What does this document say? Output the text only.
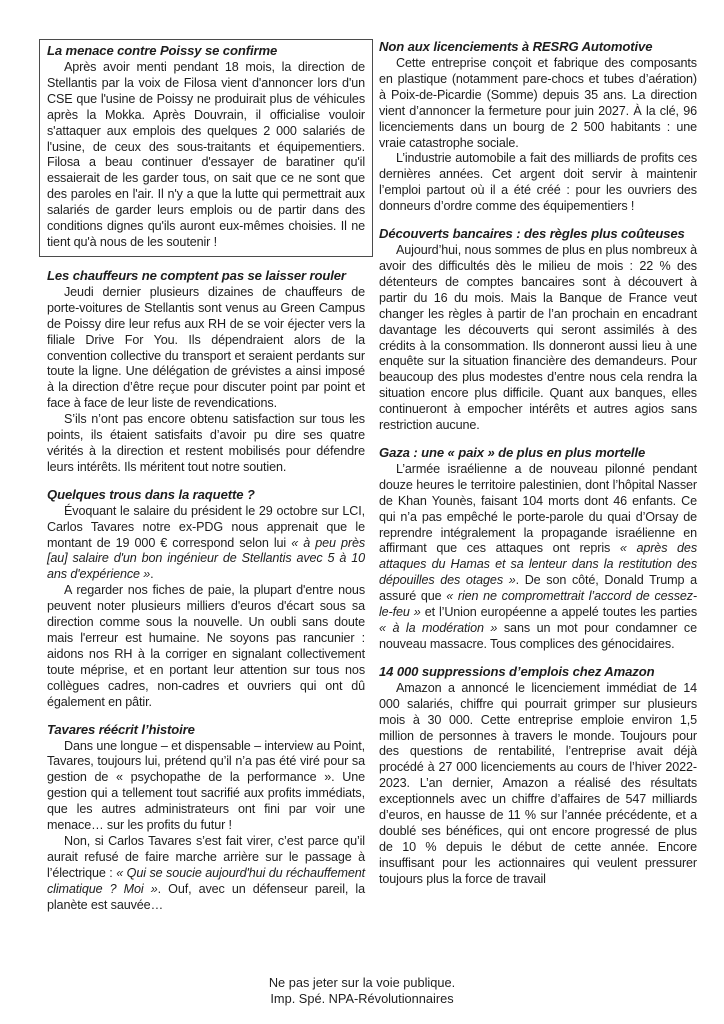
La menace contre Poissy se confirme

Après avoir menti pendant 18 mois, la direction de Stellantis par la voix de Filosa vient d'annoncer lors d'un CSE que l'usine de Poissy ne produirait plus de véhicules après la Mokka. Après Douvrain, il officialise vouloir s'attaquer aux emplois des quelques 2 000 salariés de l'usine, de ceux des sous-traitants et équipementiers. Filosa a beau continuer d'essayer de baratiner qu'il essaierait de les garder tous, on sait que ce ne sont que des paroles en l'air. Il n'y a que la lutte qui permettrait aux salariés de garder leurs emplois ou de partir dans des conditions dignes qu'ils auront eux-mêmes choisies. Il ne tient qu'à nous de les soutenir !

Les chauffeurs ne comptent pas se laisser rouler

Jeudi dernier plusieurs dizaines de chauffeurs de porte-voitures de Stellantis sont venus au Green Campus de Poissy dire leur refus aux RH de se voir éjecter vers la filiale Drive For You. Ils dépendraient alors de la convention collective du transport et seraient perdants sur toute la ligne. Une délégation de grévistes a ainsi imposé à la direction d’être reçue pour discuter point par point et face à face de leur liste de revendications.

S’ils n’ont pas encore obtenu satisfaction sur tous les points, ils étaient satisfaits d’avoir pu dire ses quatre vérités à la direction et restent mobilisés pour défendre leurs intérêts. Ils méritent tout notre soutien.

Quelques trous dans la raquette ?

Évoquant le salaire du président le 29 octobre sur LCI, Carlos Tavares notre ex-PDG nous apprenait que le montant de 19 000 € correspond selon lui « à peu près [au] salaire d'un bon ingénieur de Stellantis avec 5 à 10 ans d'expérience ».

A regarder nos fiches de paie, la plupart d'entre nous peuvent noter plusieurs milliers d'euros d'écart sous sa direction comme sous la nouvelle. Un oubli sans doute mais l'erreur est humaine. Ne soyons pas rancunier : aidons nos RH à la corriger en signalant collectivement toute méprise, et en portant leur attention sur tous nos collègues cadres, non-cadres et ouvriers qui ont dû également en pâtir.

Tavares réécrit l’histoire

Dans une longue – et dispensable – interview au Point, Tavares, toujours lui, prétend qu’il n’a pas été viré pour sa gestion de « psychopathe de la performance ». Une gestion qui a tellement tout sacrifié aux profits immédiats, que les autres administrateurs ont fini par voir une menace… sur les profits du futur !

Non, si Carlos Tavares s’est fait virer, c’est parce qu’il aurait refusé de faire marche arrière sur le passage à l’électrique : « Qui se soucie aujourd'hui du réchauffement climatique ? Moi ». Ouf, avec un défenseur pareil, la planète est sauvée…

Non aux licenciements à RESRG Automotive

Cette entreprise conçoit et fabrique des composants en plastique (notamment pare-chocs et tubes d’aération) à Poix-de-Picardie (Somme) depuis 35 ans. La direction vient d’annoncer la fermeture pour juin 2027. À la clé, 96 licenciements dans un bourg de 2 500 habitants : une vraie catastrophe sociale.

L’industrie automobile a fait des milliards de profits ces dernières années. Cet argent doit servir à maintenir l’emploi partout où il a été créé : pour les ouvriers des donneurs d’ordre comme des équipementiers !

Découverts bancaires : des règles plus coûteuses

Aujourd’hui, nous sommes de plus en plus nombreux à avoir des difficultés dès le milieu de mois : 22 % des détenteurs de comptes bancaires sont à découvert à partir du 16 du mois. Mais la Banque de France veut changer les règles à partir de l’an prochain en encadrant davantage les découverts qui seront assimilés à des crédits à la consommation. Ils donneront aussi lieu à une enquête sur la situation financière des demandeurs. Pour beaucoup des plus modestes d’entre nous cela rendra la situation encore plus difficile. Quant aux banques, elles continueront à empocher intérêts et autres agios sans restriction aucune.

Gaza : une « paix » de plus en plus mortelle

L’armée israélienne a de nouveau pilonné pendant douze heures le territoire palestinien, dont l’hôpital Nasser de Khan Younès, faisant 104 morts dont 46 enfants. Ce qui n’a pas empêché le porte-parole du quai d’Orsay de reprendre intégralement la propagande israélienne en affirmant que ces attaques ont repris « après des attaques du Hamas et sa lenteur dans la restitution des dépouilles des otages ». De son côté, Donald Trump a assuré que « rien ne compromettrait l’accord de cessez-le-feu » et l’Union européenne a appelé toutes les parties « à la modération » sans un mot pour condamner ce nouveau massacre. Tous complices des génocidaires.

14 000 suppressions d’emplois chez Amazon

Amazon a annoncé le licenciement immédiat de 14 000 salariés, chiffre qui pourrait grimper sur plusieurs mois à 30 000. Cette entreprise emploie environ 1,5 million de personnes à travers le monde. Toujours pour des questions de rentabilité, l’entreprise avait déjà procédé à 27 000 licenciements au cours de l’hiver 2022-2023. L’an dernier, Amazon a réalisé des résultats exceptionnels avec un chiffre d’affaires de 547 milliards d’euros, en hausse de 11 % sur l’année précédente, et a doublé ses bénéfices, qui ont encore progressé de plus de 10 % depuis le début de cette année. Encore insuffisant pour les actionnaires qui veulent pressurer toujours plus la force de travail

Ne pas jeter sur la voie publique.
Imp. Spé. NPA-Révolutionnaires
